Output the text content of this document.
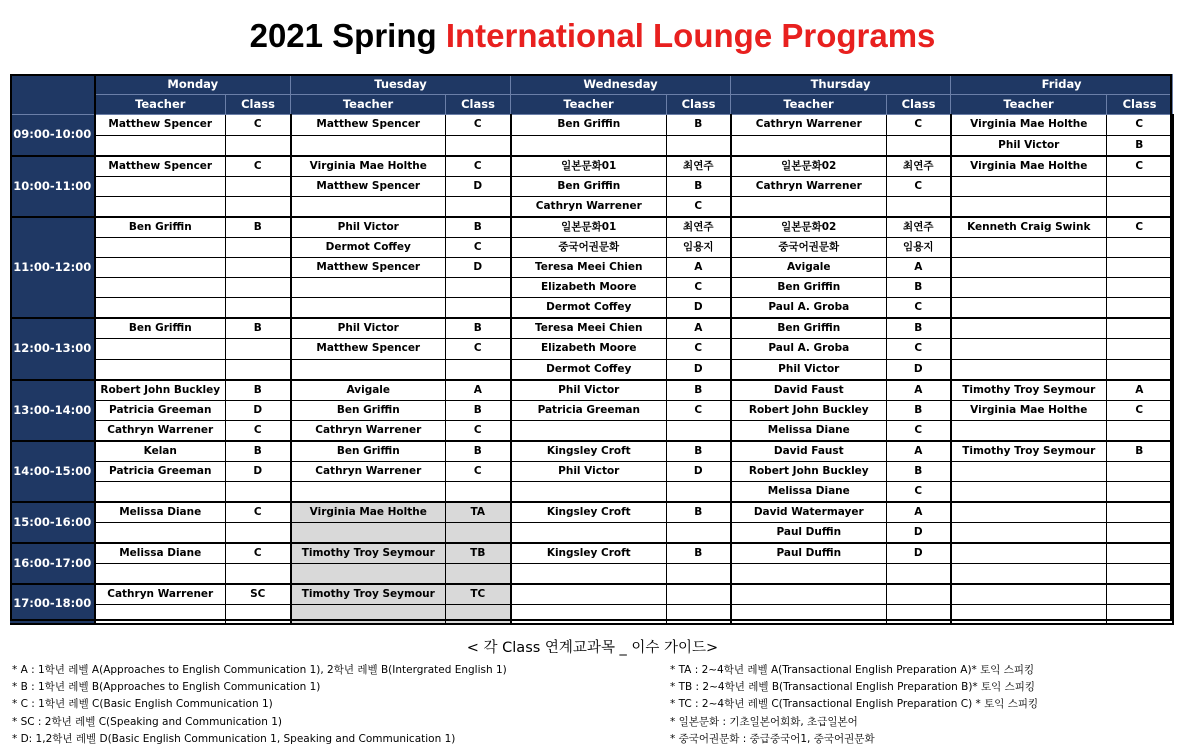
2021 Spring International Lounge Programs
	Monday		Tuesday		Wednesday		Thursday		Friday	
	Teacher	Class	Teacher	Class	Teacher	Class	Teacher	Class	Teacher	Class
09:00-10:00	Matthew Spencer	C	Matthew Spencer	C	Ben Griffin	B	Cathryn Warrener	C	Virginia Mae Holthe	C
									Phil Victor	B
10:00-11:00	Matthew Spencer	C	Virginia Mae Holthe	C	일본문화01	최연주	일본문화02	최연주	Virginia Mae Holthe	C
			Matthew Spencer	D	Ben Griffin	B	Cathryn Warrener	C		
					Cathryn Warrener	C				
11:00-12:00	Ben Griffin	B	Phil Victor	B	일본문화01	최연주	일본문화02	최연주	Kenneth Craig Swink	C
			Dermot Coffey	C	중국어권문화	임용지	중국어권문화	임용지		
			Matthew Spencer	D	Teresa Meei Chien	A	Avigale	A		
					Elizabeth Moore	C	Ben Griffin	B		
					Dermot Coffey	D	Paul A. Groba	C		
12:00-13:00	Ben Griffin	B	Phil Victor	B	Teresa Meei Chien	A	Ben Griffin	B		
			Matthew Spencer	C	Elizabeth Moore	C	Paul A. Groba	C		
					Dermot Coffey	D	Phil Victor	D		
13:00-14:00	Robert John Buckley	B	Avigale	A	Phil Victor	B	David Faust	A	Timothy Troy Seymour	A
	Patricia Greeman	D	Ben Griffin	B	Patricia Greeman	C	Robert John Buckley	B	Virginia Mae Holthe	C
	Cathryn Warrener	C	Cathryn Warrener	C			Melissa Diane	C		
14:00-15:00	Kelan	B	Ben Griffin	B	Kingsley Croft	B	David Faust	A	Timothy Troy Seymour	B
	Patricia Greeman	D	Cathryn Warrener	C	Phil Victor	D	Robert John Buckley	B		
							Melissa Diane	C		
15:00-16:00	Melissa Diane	C	Virginia Mae Holthe	TA	Kingsley Croft	B	David Watermayer	A		
							Paul Duffin	D		
16:00-17:00	Melissa Diane	C	Timothy Troy Seymour	TB	Kingsley Croft	B	Paul Duffin	D		

17:00-18:00	Cathryn Warrener	SC	Timothy Troy Seymour	TC						

< 각 Class 연계교과목 _ 이수 가이드>
* A : 1학년 레벨 A(Approaches to English Communication 1), 2학년 레벨 B(Intergrated English 1)
* B : 1학년 레벨 B(Approaches to English Communication 1)
* C : 1학년 레벨 C(Basic English Communication 1)
* SC : 2학년 레벨 C(Speaking and Communication 1)
* D: 1,2학년 레벨 D(Basic English Communication 1, Speaking and Communication 1)
* TA : 2~4학년 레벨 A(Transactional English Preparation A)* 토익 스피킹
* TB : 2~4학년 레벨 B(Transactional English Preparation B)* 토익 스피킹
* TC : 2~4학년 레벨 C(Transactional English Preparation C) * 토익 스피킹
* 일본문화 : 기초일본어회화, 초급일본어
* 중국어권문화 : 중급중국어1, 중국어권문화
